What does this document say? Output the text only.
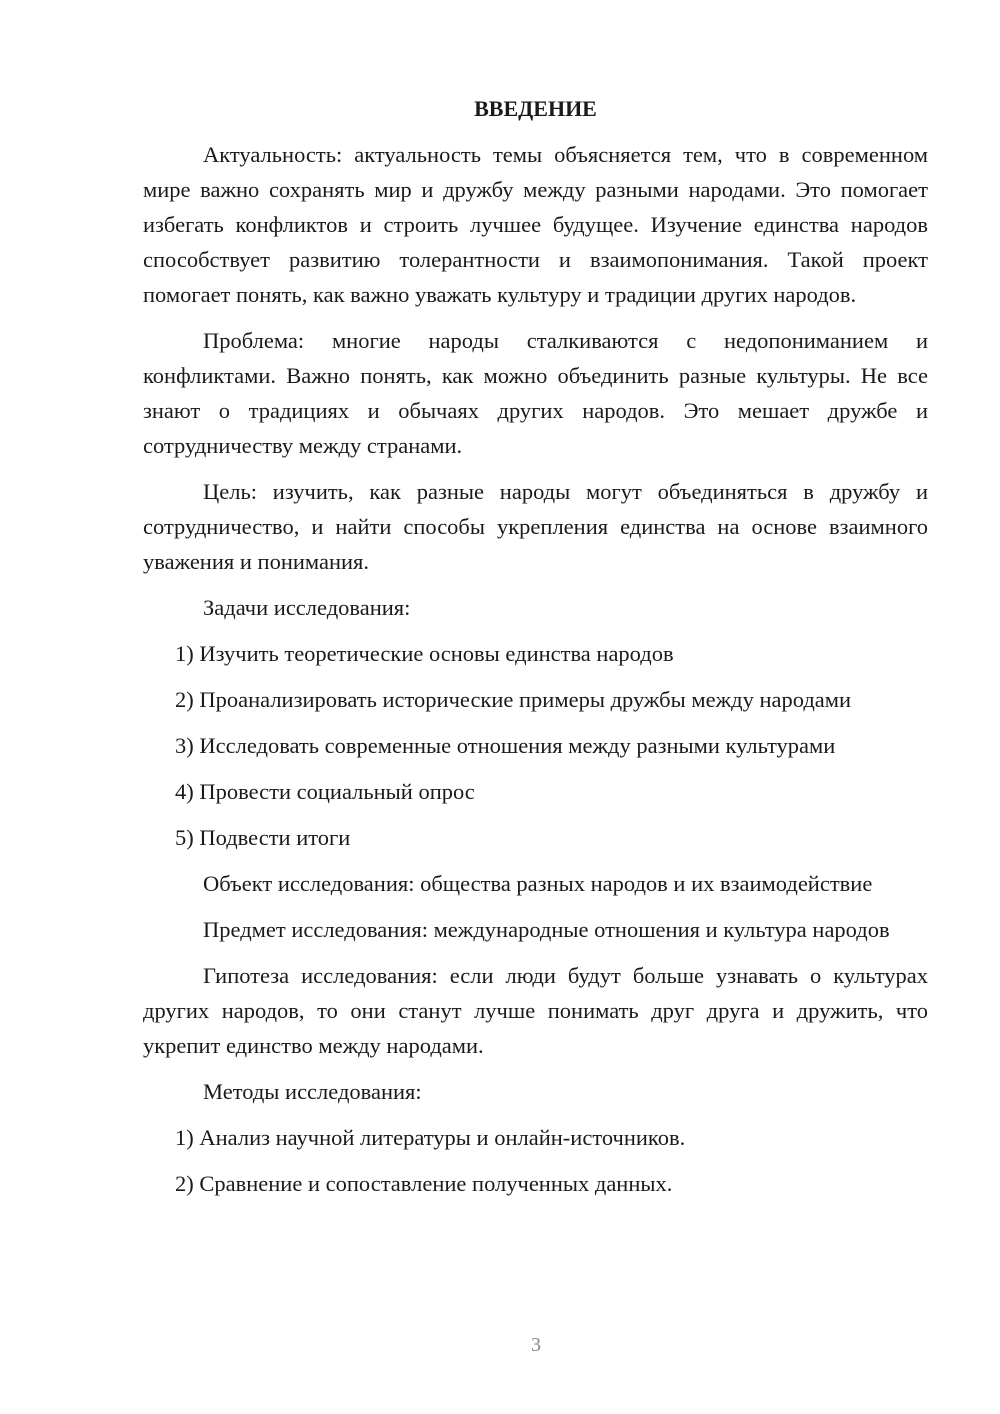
ВВЕДЕНИЕ

Актуальность: актуальность темы объясняется тем, что в современном мире важно сохранять мир и дружбу между разными народами. Это помогает избегать конфликтов и строить лучшее будущее. Изучение единства народов способствует развитию толерантности и взаимопонимания. Такой проект помогает понять, как важно уважать культуру и традиции других народов.

Проблема: многие народы сталкиваются с недопониманием и конфликтами. Важно понять, как можно объединить разные культуры. Не все знают о традициях и обычаях других народов. Это мешает дружбе и сотрудничеству между странами.

Цель: изучить, как разные народы могут объединяться в дружбу и сотрудничество, и найти способы укрепления единства на основе взаимного уважения и понимания.

Задачи исследования:

1) Изучить теоретические основы единства народов
2) Проанализировать исторические примеры дружбы между народами
3) Исследовать современные отношения между разными культурами
4) Провести социальный опрос
5) Подвести итоги

Объект исследования: общества разных народов и их взаимодействие

Предмет исследования: международные отношения и культура народов

Гипотеза исследования: если люди будут больше узнавать о культурах других народов, то они станут лучше понимать друг друга и дружить, что укрепит единство между народами.

Методы исследования:

1) Анализ научной литературы и онлайн-источников.
2) Сравнение и сопоставление полученных данных.
3
